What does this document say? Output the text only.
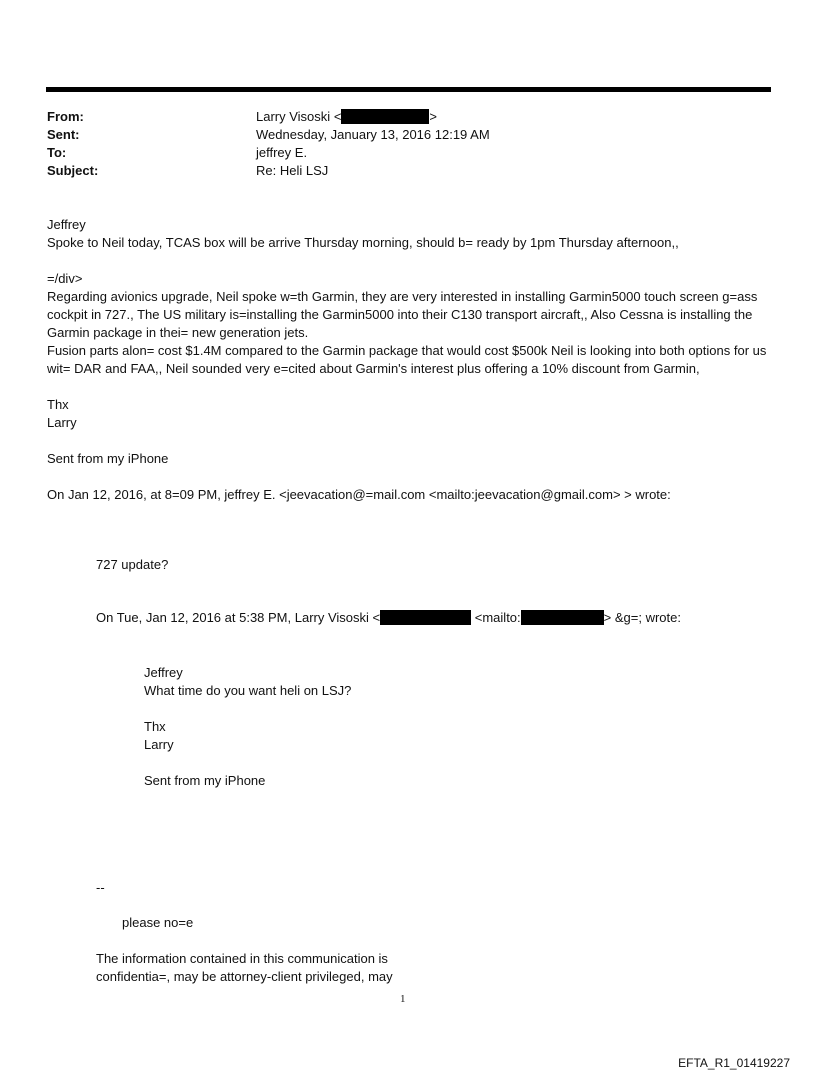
From:	Larry Visoski <	>
Sent:	Wednesday, January 13, 2016 12:19 AM
To:	jeffrey E.
Subject:	Re: Heli LSJ
Jeffrey
Spoke to Neil today, TCAS box will be arrive Thursday morning, should b= ready by 1pm Thursday afternoon,,
=/div>
Regarding avionics upgrade, Neil spoke w=th Garmin, they are very interested in installing Garmin5000 touch screen g=ass cockpit in 727., The US military is=installing the Garmin5000 into their C130 transport aircraft,, Also Cessna is installing the Garmin package in thei= new generation jets.
Fusion parts alon= cost $1.4M compared to the Garmin package that would cost $500k Neil is looking into both options for us wit= DAR and FAA,, Neil sounded very e=cited about Garmin's interest plus offering a 10% discount from Garmin,
Thx
Larry
Sent from my iPhone
On Jan 12, 2016, at 8=09 PM, jeffrey E. <jeevacation@=mail.com <mailto:jeevacation@gmail.com> > wrote:
727 update?
On Tue, Jan 12, 2016 at 5:38 PM, Larry Visoski <	<mailto:	> &g=; wrote:
Jeffrey
What time do you want heli on LSJ?
Thx
Larry
Sent from my iPhone
--
please no=e
The information contained in this communication is
confidentia=, may be attorney-client privileged, may
1
EFTA_R1_01419227
